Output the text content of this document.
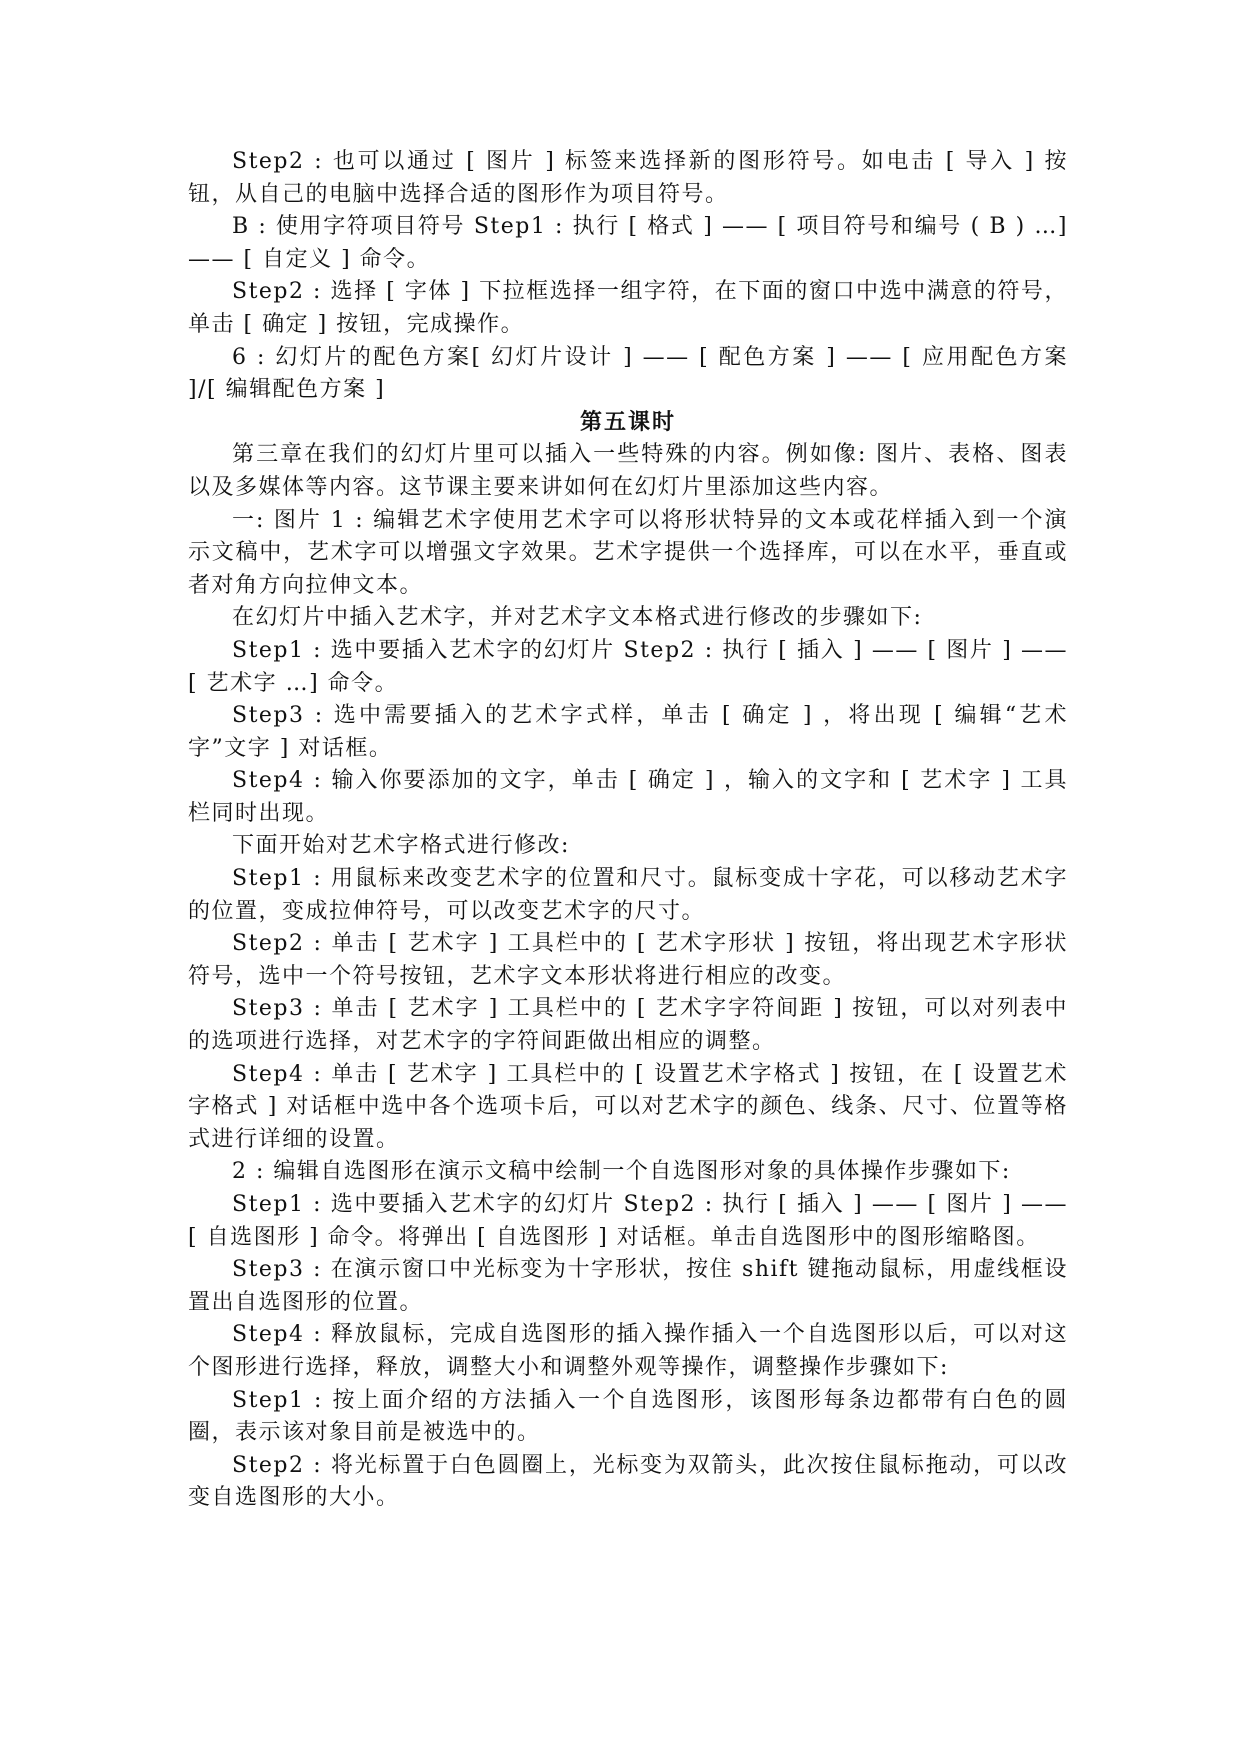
Step2 : 也可以通过 [ 图片 ] 标签来选择新的图形符号。如电击 [ 导入 ] 按钮，从自己的电脑中选择合适的图形作为项目符号。

B : 使用字符项目符号 Step1 : 执行 [ 格式 ] —— [ 项目符号和编号 ( B ) …] —— [ 自定义 ] 命令。

Step2 : 选择 [ 字体 ] 下拉框选择一组字符，在下面的窗口中选中满意的符号，单击 [ 确定 ] 按钮，完成操作。

6 : 幻灯片的配色方案[ 幻灯片设计 ] —— [ 配色方案 ] —— [ 应用配色方案 ]/[ 编辑配色方案 ]

第五课时

第三章在我们的幻灯片里可以插入一些特殊的内容。例如像: 图片、表格、图表以及多媒体等内容。这节课主要来讲如何在幻灯片里添加这些内容。

一: 图片 1 : 编辑艺术字使用艺术字可以将形状特异的文本或花样插入到一个演示文稿中，艺术字可以增强文字效果。艺术字提供一个选择库，可以在水平，垂直或者对角方向拉伸文本。

在幻灯片中插入艺术字，并对艺术字文本格式进行修改的步骤如下:

Step1 : 选中要插入艺术字的幻灯片 Step2 : 执行 [ 插入 ] —— [ 图片 ] —— [ 艺术字 …] 命令。

Step3 : 选中需要插入的艺术字式样，单击 [ 确定 ] ，将出现 [ 编辑“艺术字”文字 ] 对话框。

Step4 : 输入你要添加的文字，单击 [ 确定 ] ，输入的文字和 [ 艺术字 ] 工具栏同时出现。

下面开始对艺术字格式进行修改:

Step1 : 用鼠标来改变艺术字的位置和尺寸。鼠标变成十字花，可以移动艺术字的位置，变成拉伸符号，可以改变艺术字的尺寸。

Step2 : 单击 [ 艺术字 ] 工具栏中的 [ 艺术字形状 ] 按钮，将出现艺术字形状符号，选中一个符号按钮，艺术字文本形状将进行相应的改变。

Step3 : 单击 [ 艺术字 ] 工具栏中的 [ 艺术字字符间距 ] 按钮，可以对列表中的选项进行选择，对艺术字的字符间距做出相应的调整。

Step4 : 单击 [ 艺术字 ] 工具栏中的 [ 设置艺术字格式 ] 按钮，在 [ 设置艺术字格式 ] 对话框中选中各个选项卡后，可以对艺术字的颜色、线条、尺寸、位置等格式进行详细的设置。

2 : 编辑自选图形在演示文稿中绘制一个自选图形对象的具体操作步骤如下:

Step1 : 选中要插入艺术字的幻灯片 Step2 : 执行 [ 插入 ] —— [ 图片 ] —— [ 自选图形 ] 命令。将弹出 [ 自选图形 ] 对话框。单击自选图形中的图形缩略图。

Step3 : 在演示窗口中光标变为十字形状，按住 shift 键拖动鼠标，用虚线框设置出自选图形的位置。

Step4 : 释放鼠标，完成自选图形的插入操作插入一个自选图形以后，可以对这个图形进行选择，释放，调整大小和调整外观等操作，调整操作步骤如下:

Step1 : 按上面介绍的方法插入一个自选图形，该图形每条边都带有白色的圆圈，表示该对象目前是被选中的。

Step2 : 将光标置于白色圆圈上，光标变为双箭头，此次按住鼠标拖动，可以改变自选图形的大小。
